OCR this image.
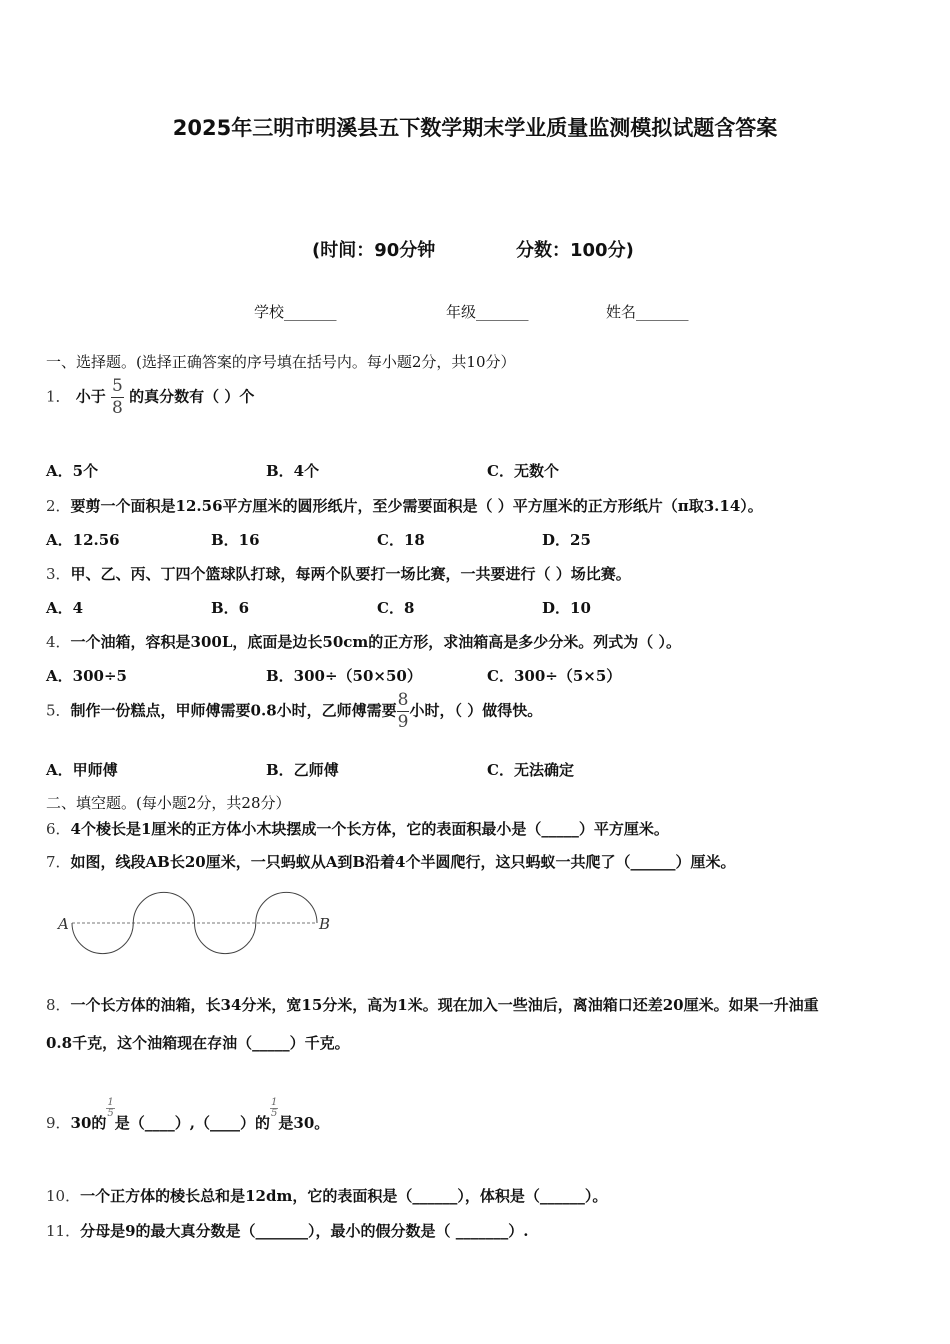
2025年三明市明溪县五下数学期末学业质量监测模拟试题含答案
(时间：90分钟	分数：100分)
学校_______	年级_______	姓名_______
一、选择题。(选择正确答案的序号填在括号内。每小题2分，共10分）
1． 小于 $\frac{5}{8}$ 的真分数有（ ）个
A．5个	B．4个	C．无数个
2．要剪一个面积是12.56平方厘米的圆形纸片，至少需要面积是（ ）平方厘米的正方形纸片（π取3.14）。
A．12.56	B．16	C．18	D．25
3．甲、乙、丙、丁四个篮球队打球，每两个队要打一场比赛，一共要进行（ ）场比赛。
A．4	B．6	C．8	D．10
4．一个油箱，容积是300L，底面是边长50cm的正方形，求油箱高是多少分米。列式为（ ）。
A．300÷5	B．300÷（50×50）	C．300÷（5×5）
5．制作一份糕点，甲师傅需要0.8小时，乙师傅需要 $\frac{8}{9}$ 小时，（ ）做得快。
A．甲师傅	B．乙师傅	C．无法确定
二、填空题。(每小题2分，共28分）
6．4个棱长是1厘米的正方体小木块摆成一个长方体，它的表面积最小是（_____）平方厘米。
7．如图，线段AB长20厘米，一只蚂蚁从A到B沿着4个半圆爬行，这只蚂蚁一共爬了（______）厘米。
A	B
8．一个长方体的油箱，长34分米，宽15分米，高为1米。现在加入一些油后，离油箱口还差20厘米。如果一升油重
0.8千克，这个油箱现在存油（_____）千克。
9．30的
$\frac{1}{5}$
是（____）,（____）的
$\frac{1}{5}$
是30。
10．一个正方体的棱长总和是12dm，它的表面积是（______），体积是（______）。
11．分母是9的最大真分数是（_______），最小的假分数是（ _______）.
